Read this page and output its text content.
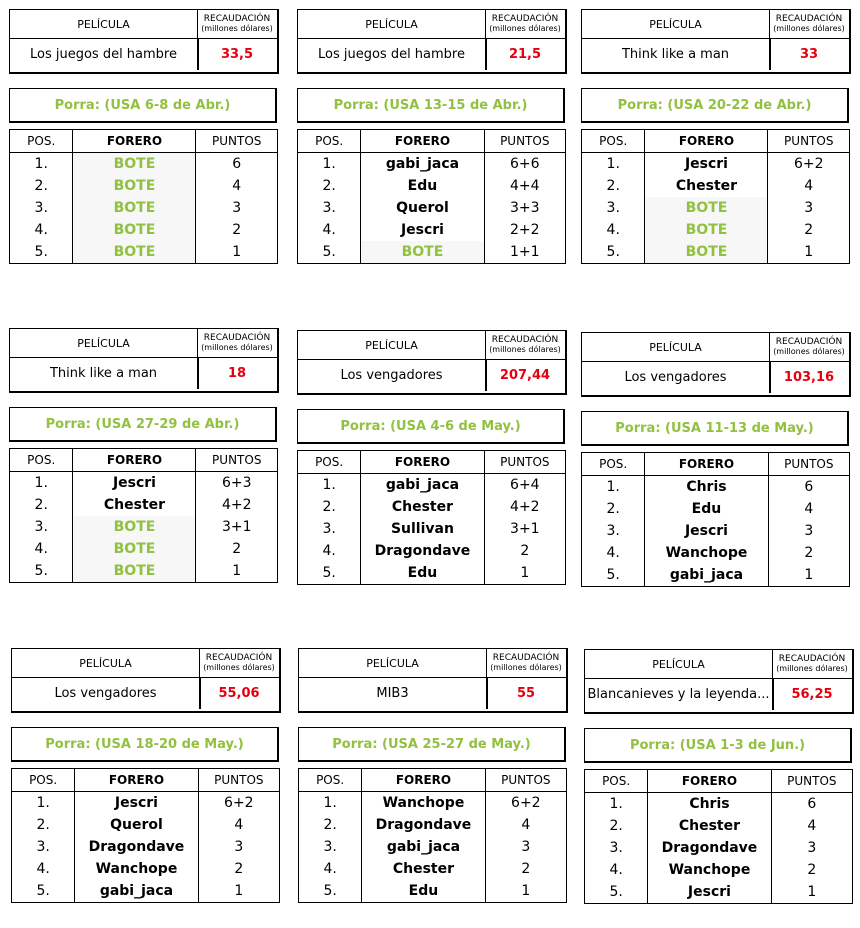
PELÍCULA	RECAUDACIÓN
(millones dólares)
Los juegos del hambre	33,5
Porra: (USA 6-8 de Abr.)
POS.	FORERO	PUNTOS
1.	BOTE	6
2.	BOTE	4
3.	BOTE	3
4.	BOTE	2
5.	BOTE	1
PELÍCULA	RECAUDACIÓN
(millones dólares)
Los juegos del hambre	21,5
Porra: (USA 13-15 de Abr.)
POS.	FORERO	PUNTOS
1.	gabi_jaca	6+6
2.	Edu	4+4
3.	Querol	3+3
4.	Jescri	2+2
5.	BOTE	1+1
PELÍCULA	RECAUDACIÓN
(millones dólares)
Think like a man	33
Porra: (USA 20-22 de Abr.)
POS.	FORERO	PUNTOS
1.	Jescri	6+2
2.	Chester	4
3.	BOTE	3
4.	BOTE	2
5.	BOTE	1
PELÍCULA	RECAUDACIÓN
(millones dólares)
Think like a man	18
Porra: (USA 27-29 de Abr.)
POS.	FORERO	PUNTOS
1.	Jescri	6+3
2.	Chester	4+2
3.	BOTE	3+1
4.	BOTE	2
5.	BOTE	1
PELÍCULA	RECAUDACIÓN
(millones dólares)
Los vengadores	207,44
Porra: (USA 4-6 de May.)
POS.	FORERO	PUNTOS
1.	gabi_jaca	6+4
2.	Chester	4+2
3.	Sullivan	3+1
4.	Dragondave	2
5.	Edu	1
PELÍCULA	RECAUDACIÓN
(millones dólares)
Los vengadores	103,16
Porra: (USA 11-13 de May.)
POS.	FORERO	PUNTOS
1.	Chris	6
2.	Edu	4
3.	Jescri	3
4.	Wanchope	2
5.	gabi_jaca	1
PELÍCULA	RECAUDACIÓN
(millones dólares)
Los vengadores	55,06
Porra: (USA 18-20 de May.)
POS.	FORERO	PUNTOS
1.	Jescri	6+2
2.	Querol	4
3.	Dragondave	3
4.	Wanchope	2
5.	gabi_jaca	1
PELÍCULA	RECAUDACIÓN
(millones dólares)
MIB3	55
Porra: (USA 25-27 de May.)
POS.	FORERO	PUNTOS
1.	Wanchope	6+2
2.	Dragondave	4
3.	gabi_jaca	3
4.	Chester	2
5.	Edu	1
PELÍCULA	RECAUDACIÓN
(millones dólares)
Blancanieves y la leyenda...	56,25
Porra: (USA 1-3 de Jun.)
POS.	FORERO	PUNTOS
1.	Chris	6
2.	Chester	4
3.	Dragondave	3
4.	Wanchope	2
5.	Jescri	1
